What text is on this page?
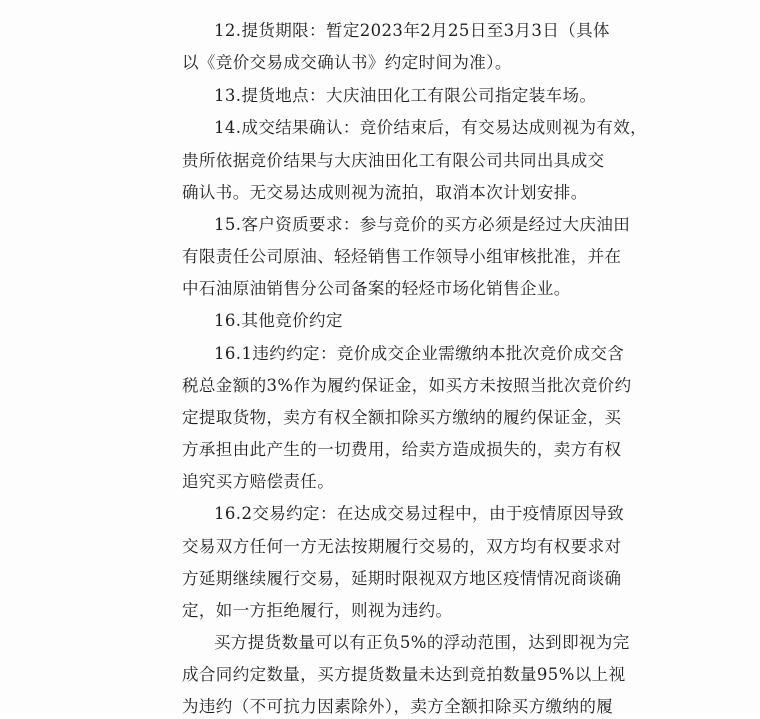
12.提货期限：暂定2023年2月25日至3月3日（具体
以《竞价交易成交确认书》约定时间为准）。
13.提货地点：大庆油田化工有限公司指定装车场。
14.成交结果确认：竞价结束后，有交易达成则视为有效，
贵所依据竞价结果与大庆油田化工有限公司共同出具成交
确认书。无交易达成则视为流拍，取消本次计划安排。
15.客户资质要求：参与竞价的买方必须是经过大庆油田
有限责任公司原油、轻烃销售工作领导小组审核批准，并在
中石油原油销售分公司备案的轻烃市场化销售企业。
16.其他竞价约定
16.1违约约定：竞价成交企业需缴纳本批次竞价成交含
税总金额的3%作为履约保证金，如买方未按照当批次竞价约
定提取货物，卖方有权全额扣除买方缴纳的履约保证金，买
方承担由此产生的一切费用，给卖方造成损失的，卖方有权
追究买方赔偿责任。
16.2交易约定：在达成交易过程中，由于疫情原因导致
交易双方任何一方无法按期履行交易的，双方均有权要求对
方延期继续履行交易，延期时限视双方地区疫情情况商谈确
定，如一方拒绝履行，则视为违约。
买方提货数量可以有正负5%的浮动范围，达到即视为完
成合同约定数量，买方提货数量未达到竞拍数量95%以上视
为违约（不可抗力因素除外），卖方全额扣除买方缴纳的履
